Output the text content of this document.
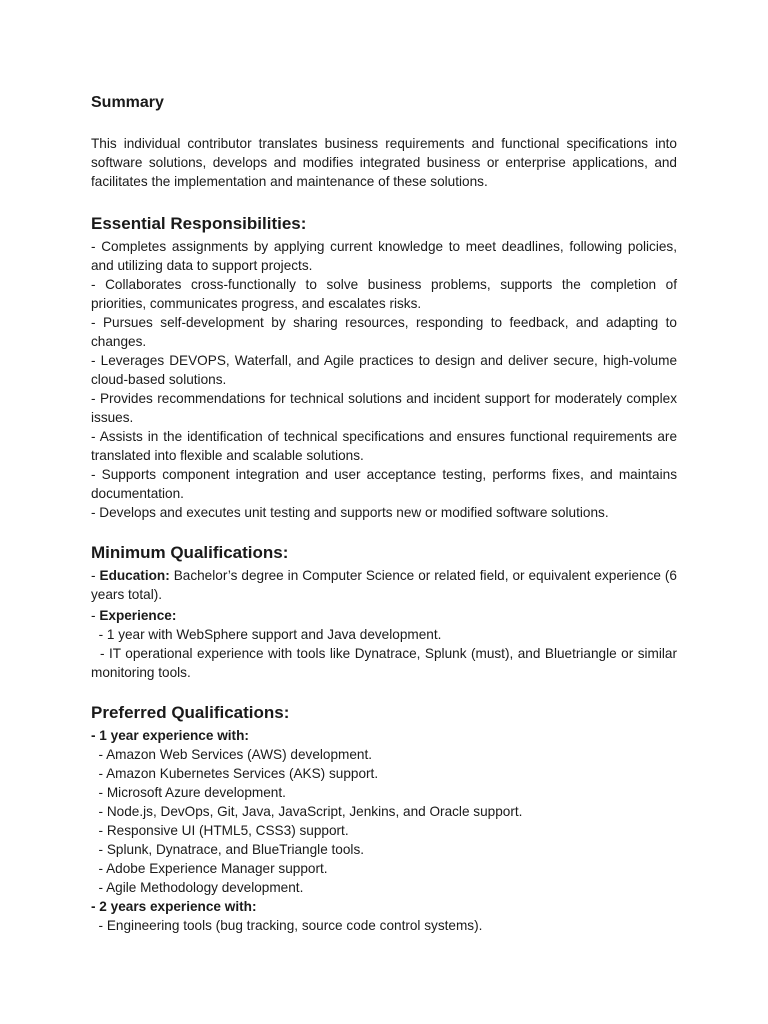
Summary

This individual contributor translates business requirements and functional specifications into software solutions, develops and modifies integrated business or enterprise applications, and facilitates the implementation and maintenance of these solutions.

Essential Responsibilities:

- Completes assignments by applying current knowledge to meet deadlines, following policies, and utilizing data to support projects.

- Collaborates cross-functionally to solve business problems, supports the completion of priorities, communicates progress, and escalates risks.

- Pursues self-development by sharing resources, responding to feedback, and adapting to changes.

- Leverages DEVOPS, Waterfall, and Agile practices to design and deliver secure, high-volume cloud-based solutions.

- Provides recommendations for technical solutions and incident support for moderately complex issues.

- Assists in the identification of technical specifications and ensures functional requirements are translated into flexible and scalable solutions.

- Supports component integration and user acceptance testing, performs fixes, and maintains documentation.

- Develops and executes unit testing and supports new or modified software solutions.

Minimum Qualifications:

- Education: Bachelor’s degree in Computer Science or related field, or equivalent experience (6 years total).

- Experience:

- 1 year with WebSphere support and Java development.

- IT operational experience with tools like Dynatrace, Splunk (must), and Bluetriangle or similar monitoring tools.

Preferred Qualifications:

- 1 year experience with:

- Amazon Web Services (AWS) development.

- Amazon Kubernetes Services (AKS) support.

- Microsoft Azure development.

- Node.js, DevOps, Git, Java, JavaScript, Jenkins, and Oracle support.

- Responsive UI (HTML5, CSS3) support.

- Splunk, Dynatrace, and BlueTriangle tools.

- Adobe Experience Manager support.

- Agile Methodology development.

- 2 years experience with:

- Engineering tools (bug tracking, source code control systems).
